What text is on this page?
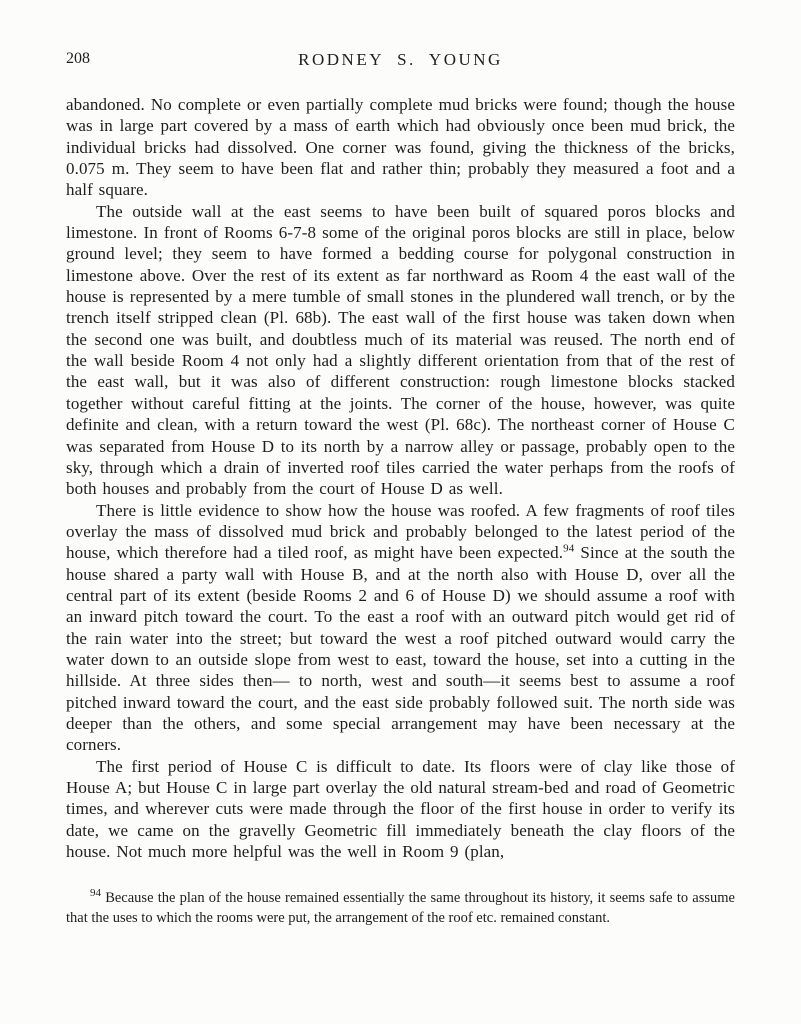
208	RODNEY S. YOUNG

abandoned. No complete or even partially complete mud bricks were found; though the house was in large part covered by a mass of earth which had obviously once been mud brick, the individual bricks had dissolved. One corner was found, giving the thickness of the bricks, 0.075 m. They seem to have been flat and rather thin; probably they measured a foot and a half square.

The outside wall at the east seems to have been built of squared poros blocks and limestone. In front of Rooms 6-7-8 some of the original poros blocks are still in place, below ground level; they seem to have formed a bedding course for polygonal construction in limestone above. Over the rest of its extent as far northward as Room 4 the east wall of the house is represented by a mere tumble of small stones in the plundered wall trench, or by the trench itself stripped clean (Pl. 68b). The east wall of the first house was taken down when the second one was built, and doubtless much of its material was reused. The north end of the wall beside Room 4 not only had a slightly different orientation from that of the rest of the east wall, but it was also of different construction: rough limestone blocks stacked together without careful fitting at the joints. The corner of the house, however, was quite definite and clean, with a return toward the west (Pl. 68c). The northeast corner of House C was separated from House D to its north by a narrow alley or passage, probably open to the sky, through which a drain of inverted roof tiles carried the water perhaps from the roofs of both houses and probably from the court of House D as well.

There is little evidence to show how the house was roofed. A few fragments of roof tiles overlay the mass of dissolved mud brick and probably belonged to the latest period of the house, which therefore had a tiled roof, as might have been expected.$^{94}$ Since at the south the house shared a party wall with House B, and at the north also with House D, over all the central part of its extent (beside Rooms 2 and 6 of House D) we should assume a roof with an inward pitch toward the court. To the east a roof with an outward pitch would get rid of the rain water into the street; but toward the west a roof pitched outward would carry the water down to an outside slope from west to east, toward the house, set into a cutting in the hillside. At three sides then— to north, west and south—it seems best to assume a roof pitched inward toward the court, and the east side probably followed suit. The north side was deeper than the others, and some special arrangement may have been necessary at the corners.

The first period of House C is difficult to date. Its floors were of clay like those of House A; but House C in large part overlay the old natural stream-bed and road of Geometric times, and wherever cuts were made through the floor of the first house in order to verify its date, we came on the gravelly Geometric fill immediately beneath the clay floors of the house. Not much more helpful was the well in Room 9 (plan,

$^{94}$ Because the plan of the house remained essentially the same throughout its history, it seems safe to assume that the uses to which the rooms were put, the arrangement of the roof etc. remained constant.
